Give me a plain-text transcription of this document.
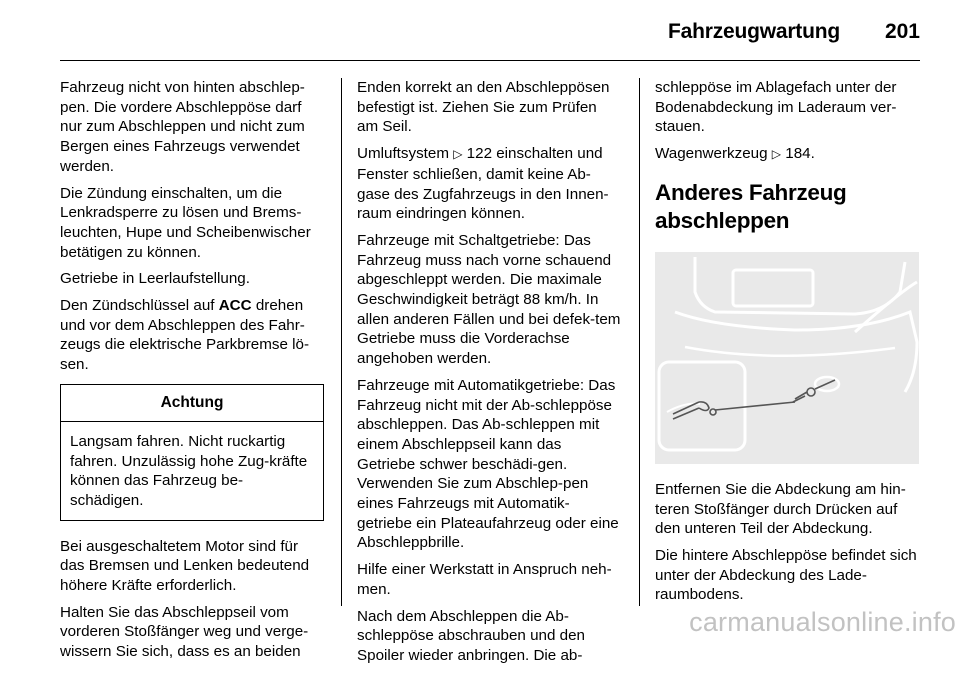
Fahrzeugwartung 201

Fahrzeug nicht von hinten abschlep-pen. Die vordere Abschleppöse darf nur zum Abschleppen und nicht zum Bergen eines Fahrzeugs verwendet werden.

Die Zündung einschalten, um die Lenkradsperre zu lösen und Brems-leuchten, Hupe und Scheibenwischer betätigen zu können.

Getriebe in Leerlaufstellung.

Den Zündschlüssel auf ACC drehen und vor dem Abschleppen des Fahr-zeugs die elektrische Parkbremse lö-sen.

Achtung
Langsam fahren. Nicht ruckartig fahren. Unzulässig hohe Zug-kräfte können das Fahrzeug be-schädigen.

Bei ausgeschaltetem Motor sind für das Bremsen und Lenken bedeutend höhere Kräfte erforderlich.

Halten Sie das Abschleppseil vom vorderen Stoßfänger weg und verge-wissern Sie sich, dass es an beiden

Enden korrekt an den Abschleppösen befestigt ist. Ziehen Sie zum Prüfen am Seil.

Umluftsystem ▷ 122 einschalten und Fenster schließen, damit keine Ab-gase des Zugfahrzeugs in den Innen-raum eindringen können.

Fahrzeuge mit Schaltgetriebe: Das Fahrzeug muss nach vorne schauend abgeschleppt werden. Die maximale Geschwindigkeit beträgt 88 km/h. In allen anderen Fällen und bei defek-tem Getriebe muss die Vorderachse angehoben werden.

Fahrzeuge mit Automatikgetriebe: Das Fahrzeug nicht mit der Ab-schleppöse abschleppen. Das Ab-schleppen mit einem Abschleppseil kann das Getriebe schwer beschädi-gen. Verwenden Sie zum Abschlep-pen eines Fahrzeugs mit Automatik-getriebe ein Plateaufahrzeug oder eine Abschleppbrille.

Hilfe einer Werkstatt in Anspruch neh-men.

Nach dem Abschleppen die Ab-schleppöse abschrauben und den Spoiler wieder anbringen. Die ab-

schleppöse im Ablagefach unter der Bodenabdeckung im Laderaum ver-stauen.

Wagenwerkzeug ▷ 184.

Anderes Fahrzeug abschleppen

Entfernen Sie die Abdeckung am hin-teren Stoßfänger durch Drücken auf den unteren Teil der Abdeckung.

Die hintere Abschleppöse befindet sich unter der Abdeckung des Lade-raumbodens.

carmanualsonline.info
